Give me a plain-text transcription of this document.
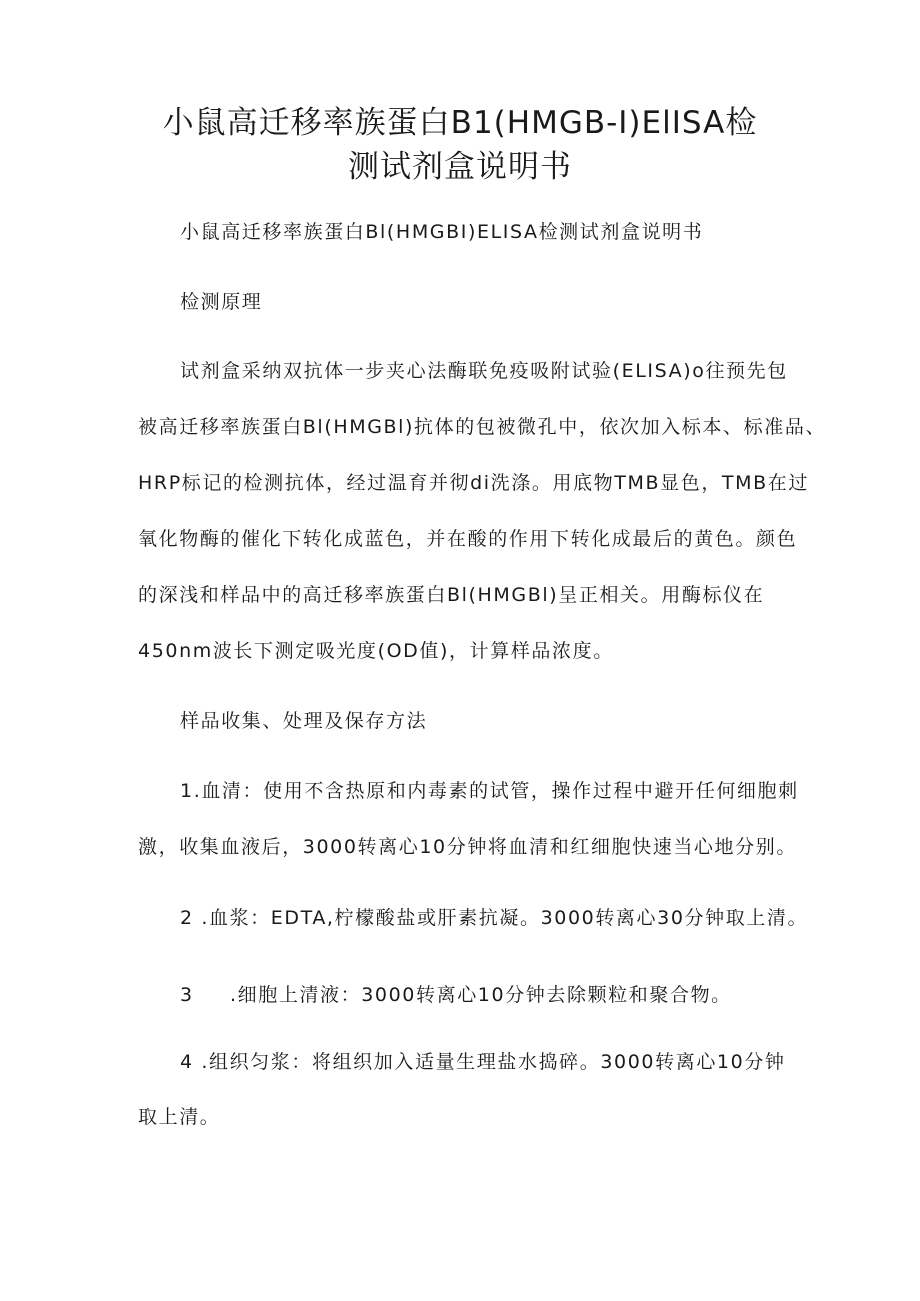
小鼠高迁移率族蛋白B1(HMGB-I)ElISA检
测试剂盒说明书

小鼠高迁移率族蛋白Bl(HMGBI)ELISA检测试剂盒说明书

检测原理

试剂盒采纳双抗体一步夹心法酶联免疫吸附试验(ELISA)o往预先包

被高迁移率族蛋白Bl(HMGBl)抗体的包被微孔中，依次加入标本、标准品、

HRP标记的检测抗体，经过温育并彻di洗涤。用底物TMB显色，TMB在过

氧化物酶的催化下转化成蓝色，并在酸的作用下转化成最后的黄色。颜色

的深浅和样品中的高迁移率族蛋白Bl(HMGBl)呈正相关。用酶标仪在

450nm波长下测定吸光度(OD值)，计算样品浓度。

样品收集、处理及保存方法

1.血清：使用不含热原和内毒素的试管，操作过程中避开任何细胞刺

激，收集血液后，3000转离心10分钟将血清和红细胞快速当心地分别。

2 .血浆：EDTA,柠檬酸盐或肝素抗凝。3000转离心30分钟取上清。

3 .细胞上清液：3000转离心10分钟去除颗粒和聚合物。

4 .组织匀浆：将组织加入适量生理盐水捣碎。3000转离心10分钟

取上清。
